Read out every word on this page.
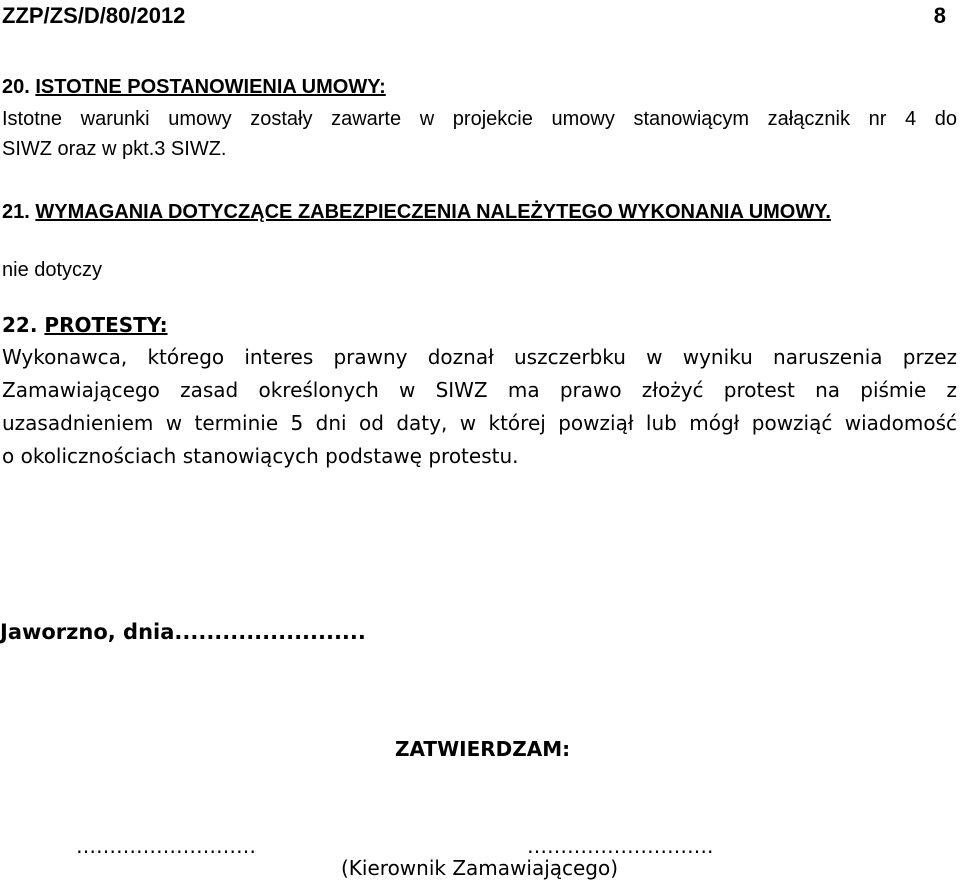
ZZP/ZS/D/80/2012	8
20. ISTOTNE POSTANOWIENIA UMOWY:
Istotne warunki umowy zostały zawarte w projekcie umowy stanowiącym załącznik nr 4 do
SIWZ oraz w pkt.3 SIWZ.
21. WYMAGANIA DOTYCZĄCE ZABEZPIECZENIA NALEŻYTEGO WYKONANIA UMOWY.
nie dotyczy
22. PROTESTY:
Wykonawca, którego interes prawny doznał uszczerbku w wyniku naruszenia przez
Zamawiającego zasad określonych w SIWZ ma prawo złożyć protest na piśmie z
uzasadnieniem w terminie 5 dni od daty, w której powziął lub mógł powziąć wiadomość
o okolicznościach stanowiących podstawę protestu.
Jaworzno, dnia........................
ZATWIERDZAM:
………………………	……………………….
(Kierownik Zamawiającego)
